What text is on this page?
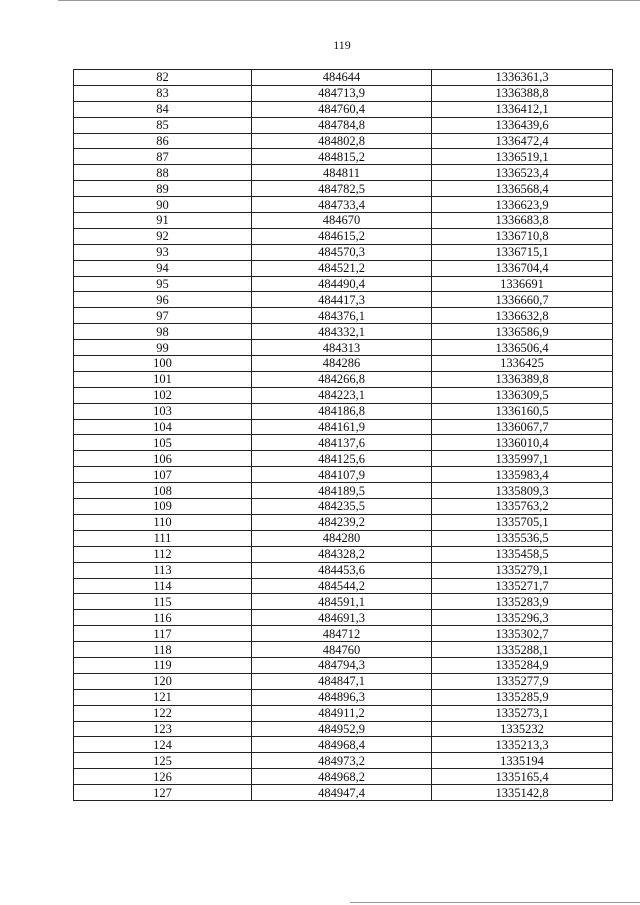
119
82	484644	1336361,3
83	484713,9	1336388,8
84	484760,4	1336412,1
85	484784,8	1336439,6
86	484802,8	1336472,4
87	484815,2	1336519,1
88	484811	1336523,4
89	484782,5	1336568,4
90	484733,4	1336623,9
91	484670	1336683,8
92	484615,2	1336710,8
93	484570,3	1336715,1
94	484521,2	1336704,4
95	484490,4	1336691
96	484417,3	1336660,7
97	484376,1	1336632,8
98	484332,1	1336586,9
99	484313	1336506,4
100	484286	1336425
101	484266,8	1336389,8
102	484223,1	1336309,5
103	484186,8	1336160,5
104	484161,9	1336067,7
105	484137,6	1336010,4
106	484125,6	1335997,1
107	484107,9	1335983,4
108	484189,5	1335809,3
109	484235,5	1335763,2
110	484239,2	1335705,1
111	484280	1335536,5
112	484328,2	1335458,5
113	484453,6	1335279,1
114	484544,2	1335271,7
115	484591,1	1335283,9
116	484691,3	1335296,3
117	484712	1335302,7
118	484760	1335288,1
119	484794,3	1335284,9
120	484847,1	1335277,9
121	484896,3	1335285,9
122	484911,2	1335273,1
123	484952,9	1335232
124	484968,4	1335213,3
125	484973,2	1335194
126	484968,2	1335165,4
127	484947,4	1335142,8
